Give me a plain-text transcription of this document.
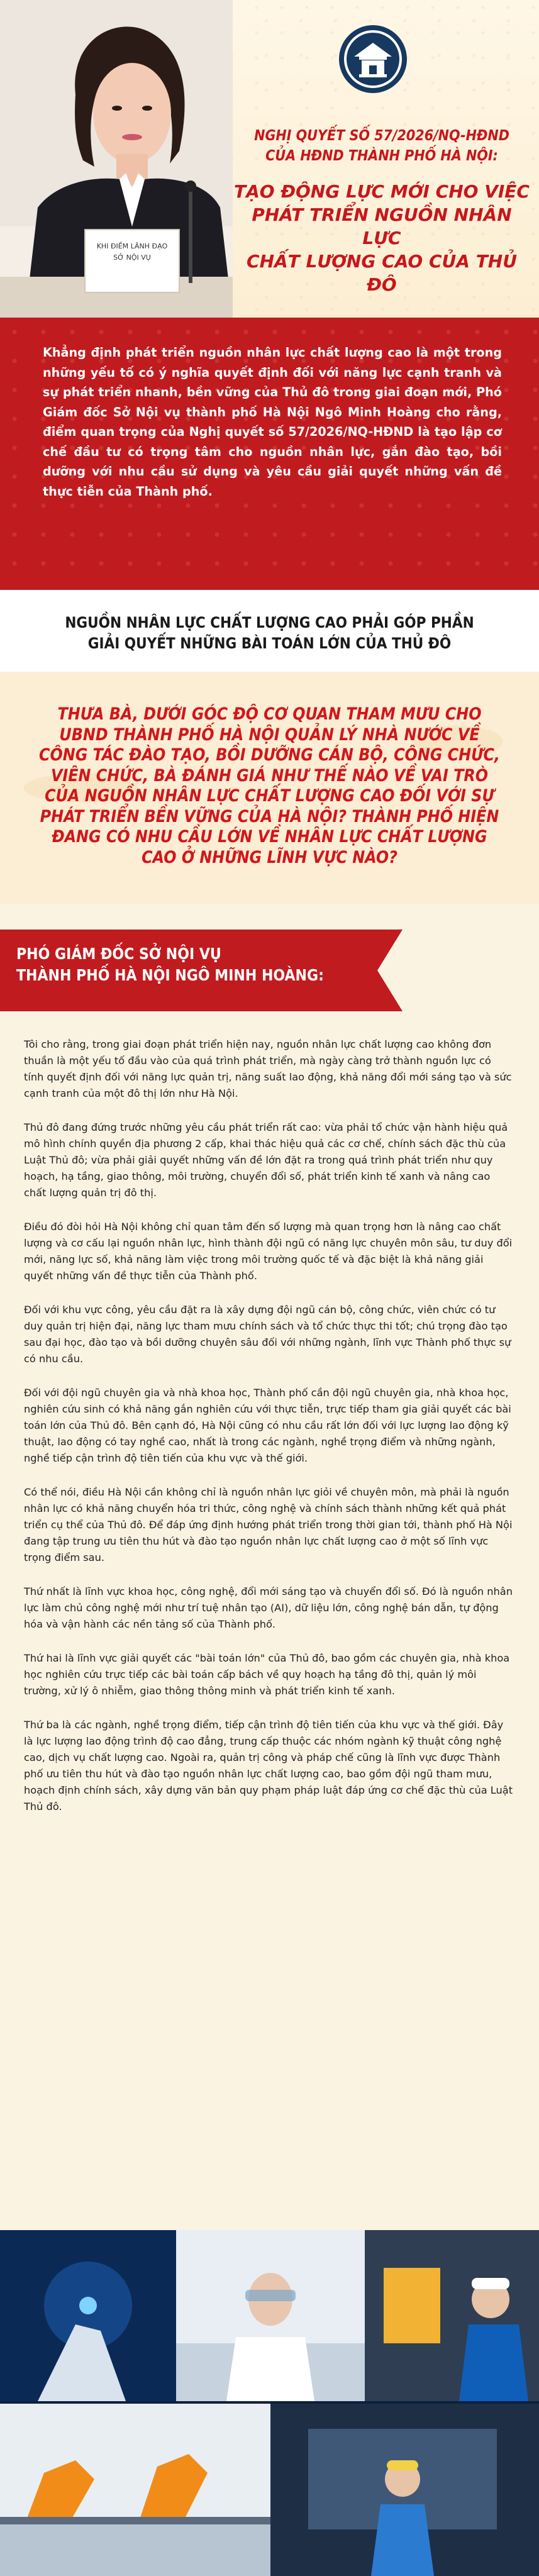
KHI ĐIỀM LÃNH ĐẠO
SỞ NỘI VỤ
NGHỊ QUYẾT SỐ 57/2026/NQ-HĐND
CỦA HĐND THÀNH PHỐ HÀ NỘI:
TẠO ĐỘNG LỰC MỚI CHO VIỆC
PHÁT TRIỂN NGUỒN NHÂN LỰC
CHẤT LƯỢNG CAO CỦA THỦ ĐÔ

Khẳng định phát triển nguồn nhân lực chất lượng cao là một trong những yếu tố có ý nghĩa quyết định đối với năng lực cạnh tranh và sự phát triển nhanh, bền vững của Thủ đô trong giai đoạn mới, Phó Giám đốc Sở Nội vụ thành phố Hà Nội Ngô Minh Hoàng cho rằng, điểm quan trọng của Nghị quyết số 57/2026/NQ-HĐND là tạo lập cơ chế đầu tư có trọng tâm cho nguồn nhân lực, gắn đào tạo, bồi dưỡng với nhu cầu sử dụng và yêu cầu giải quyết những vấn đề thực tiễn của Thành phố.

NGUỒN NHÂN LỰC CHẤT LƯỢNG CAO PHẢI GÓP PHẦN
GIẢI QUYẾT NHỮNG BÀI TOÁN LỚN CỦA THỦ ĐÔ
THƯA BÀ, DƯỚI GÓC ĐỘ CƠ QUAN THAM MƯU CHO UBND THÀNH PHỐ HÀ NỘI QUẢN LÝ NHÀ NƯỚC VỀ CÔNG TÁC ĐÀO TẠO, BỒI DƯỠNG CÁN BỘ, CÔNG CHỨC, VIÊN CHỨC, BÀ ĐÁNH GIÁ NHƯ THẾ NÀO VỀ VAI TRÒ CỦA NGUỒN NHÂN LỰC CHẤT LƯỢNG CAO ĐỐI VỚI SỰ PHÁT TRIỂN BỀN VỮNG CỦA HÀ NỘI? THÀNH PHỐ HIỆN ĐANG CÓ NHU CẦU LỚN VỀ NHÂN LỰC CHẤT LƯỢNG CAO Ở NHỮNG LĨNH VỰC NÀO?
PHÓ GIÁM ĐỐC SỞ NỘI VỤ
THÀNH PHỐ HÀ NỘI NGÔ MINH HOÀNG:

Tôi cho rằng, trong giai đoạn phát triển hiện nay, nguồn nhân lực chất lượng cao không đơn thuần là một yếu tố đầu vào của quá trình phát triển, mà ngày càng trở thành nguồn lực có tính quyết định đối với năng lực quản trị, năng suất lao động, khả năng đổi mới sáng tạo và sức cạnh tranh của một đô thị lớn như Hà Nội.

Thủ đô đang đứng trước những yêu cầu phát triển rất cao: vừa phải tổ chức vận hành hiệu quả mô hình chính quyền địa phương 2 cấp, khai thác hiệu quả các cơ chế, chính sách đặc thù của Luật Thủ đô; vừa phải giải quyết những vấn đề lớn đặt ra trong quá trình phát triển như quy hoạch, hạ tầng, giao thông, môi trường, chuyển đổi số, phát triển kinh tế xanh và nâng cao chất lượng quản trị đô thị.

Điều đó đòi hỏi Hà Nội không chỉ quan tâm đến số lượng mà quan trọng hơn là nâng cao chất lượng và cơ cấu lại nguồn nhân lực, hình thành đội ngũ có năng lực chuyên môn sâu, tư duy đổi mới, năng lực số, khả năng làm việc trong môi trường quốc tế và đặc biệt là khả năng giải quyết những vấn đề thực tiễn của Thành phố.

Đối với khu vực công, yêu cầu đặt ra là xây dựng đội ngũ cán bộ, công chức, viên chức có tư duy quản trị hiện đại, năng lực tham mưu chính sách và tổ chức thực thi tốt; chú trọng đào tạo sau đại học, đào tạo và bồi dưỡng chuyên sâu đối với những ngành, lĩnh vực Thành phố thực sự có nhu cầu.

Đối với đội ngũ chuyên gia và nhà khoa học, Thành phố cần đội ngũ chuyên gia, nhà khoa học, nghiên cứu sinh có khả năng gắn nghiên cứu với thực tiễn, trực tiếp tham gia giải quyết các bài toán lớn của Thủ đô. Bên cạnh đó, Hà Nội cũng có nhu cầu rất lớn đối với lực lượng lao động kỹ thuật, lao động có tay nghề cao, nhất là trong các ngành, nghề trọng điểm và những ngành, nghề tiếp cận trình độ tiên tiến của khu vực và thế giới.

Có thể nói, điều Hà Nội cần không chỉ là nguồn nhân lực giỏi về chuyên môn, mà phải là nguồn nhân lực có khả năng chuyển hóa tri thức, công nghệ và chính sách thành những kết quả phát triển cụ thể của Thủ đô. Để đáp ứng định hướng phát triển trong thời gian tới, thành phố Hà Nội đang tập trung ưu tiên thu hút và đào tạo nguồn nhân lực chất lượng cao ở một số lĩnh vực trọng điểm sau.

Thứ nhất là lĩnh vực khoa học, công nghệ, đổi mới sáng tạo và chuyển đổi số. Đó là nguồn nhân lực làm chủ công nghệ mới như trí tuệ nhân tạo (AI), dữ liệu lớn, công nghệ bán dẫn, tự động hóa và vận hành các nền tảng số của Thành phố.

Thứ hai là lĩnh vực giải quyết các "bài toán lớn" của Thủ đô, bao gồm các chuyên gia, nhà khoa học nghiên cứu trực tiếp các bài toán cấp bách về quy hoạch hạ tầng đô thị, quản lý môi trường, xử lý ô nhiễm, giao thông thông minh và phát triển kinh tế xanh.

Thứ ba là các ngành, nghề trọng điểm, tiếp cận trình độ tiên tiến của khu vực và thế giới. Đây là lực lượng lao động trình độ cao đẳng, trung cấp thuộc các nhóm ngành kỹ thuật công nghệ cao, dịch vụ chất lượng cao. Ngoài ra, quản trị công và pháp chế cũng là lĩnh vực được Thành phố ưu tiên thu hút và đào tạo nguồn nhân lực chất lượng cao, bao gồm đội ngũ tham mưu, hoạch định chính sách, xây dựng văn bản quy phạm pháp luật đáp ứng cơ chế đặc thù của Luật Thủ đô.
